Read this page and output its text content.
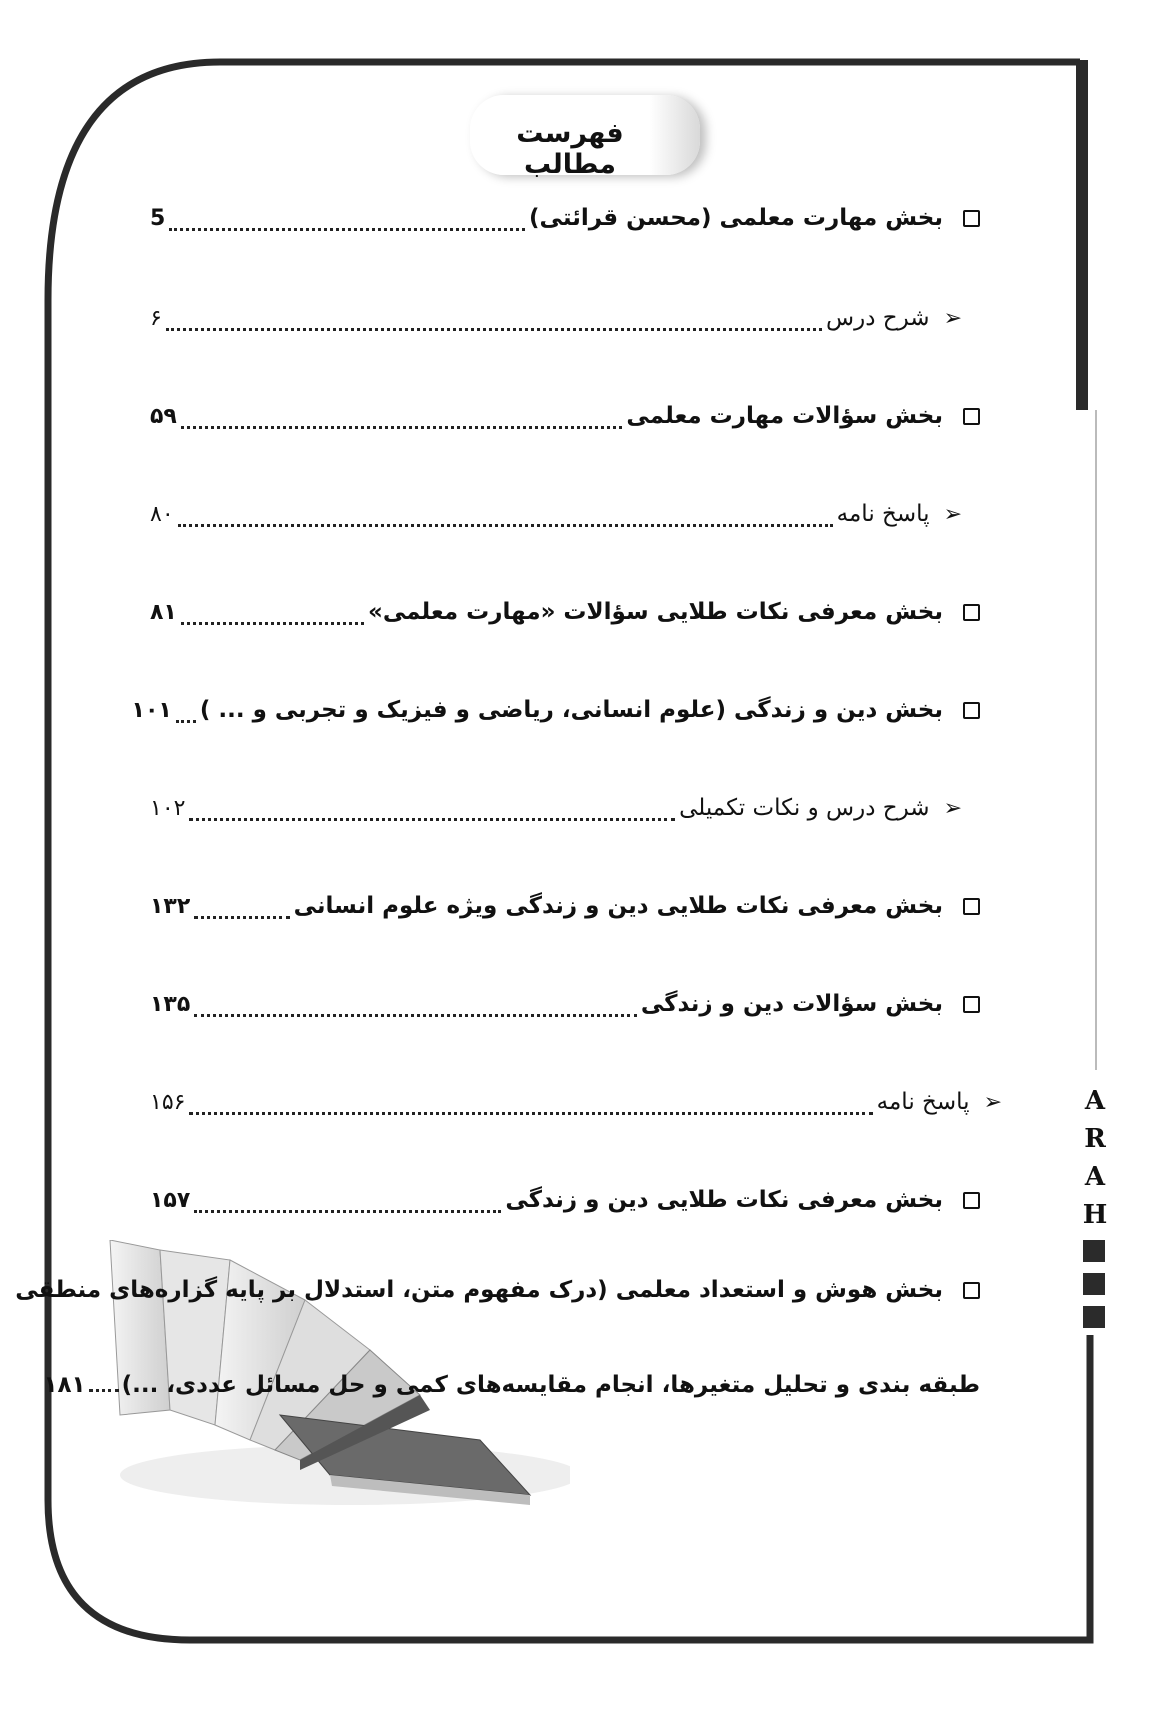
فهرست مطالب
بخش مهارت معلمی (محسن قرائتی)
5
➢
شرح درس
۶
بخش سؤالات مهارت معلمی
۵۹
➢
پاسخ نامه
۸۰
بخش معرفی نکات طلایی سؤالات «مهارت معلمی»
۸۱
بخش دین و زندگی (علوم انسانی، ریاضی و فیزیک و تجربی و ... )
۱۰۱
➢
شرح درس و نکات تکمیلی
۱۰۲
بخش معرفی نکات طلایی دین و زندگی ویژه علوم انسانی
۱۳۲
بخش سؤالات دین و زندگی
۱۳۵
➢
پاسخ نامه
۱۵۶
بخش معرفی نکات طلایی دین و زندگی
۱۵۷
بخش هوش و استعداد معلمی (درک مفهوم متن، استدلال بر پایه گزاره‌های منطقی
طبقه بندی و تحلیل متغیرها، انجام مقایسه‌های کمی و حل مسائل عددی، ...)۱۸۱
A
R
A
H
